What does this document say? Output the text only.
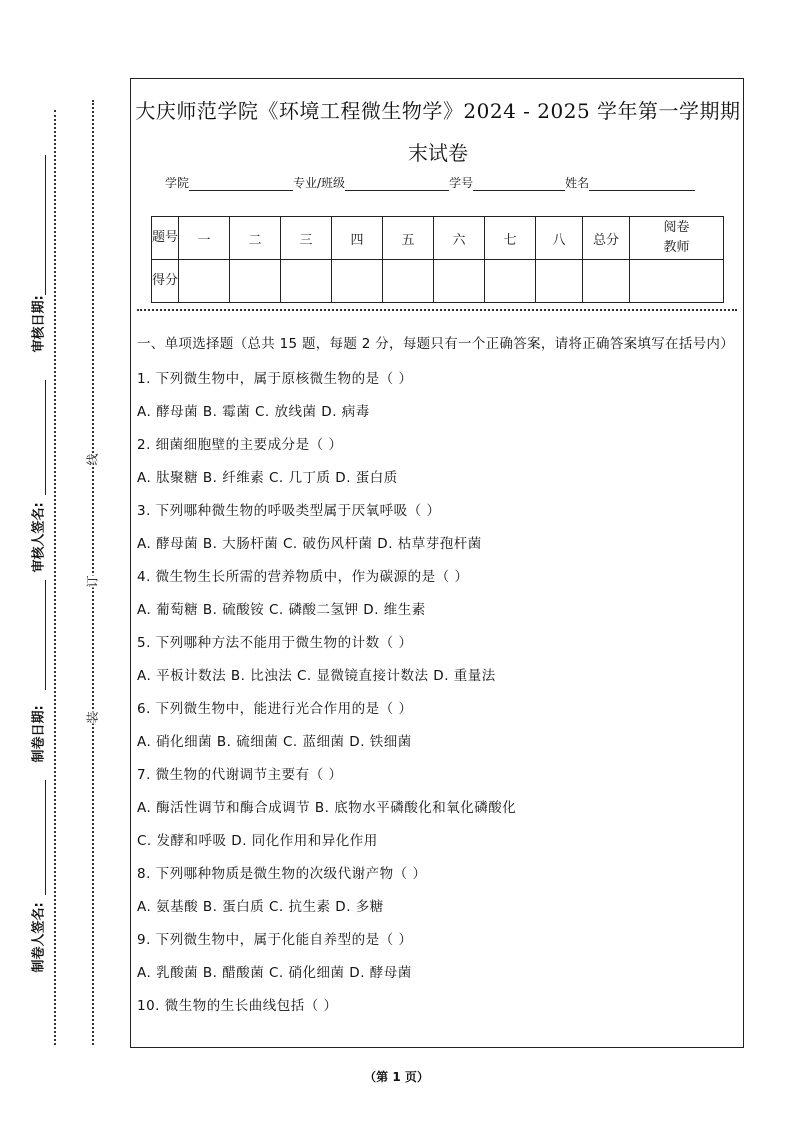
审核日期:
审核人签名:
制卷日期:
制卷人签名:
线
订
装
大庆师范学院《环境工程微生物学》2024 - 2025 学年第一学期期
末试卷
学院	专业/班级	学号	姓名
题号	一	二	三	四	五	六	七	八	总分	阅卷教师
得分										
一、单项选择题（总共 15 题，每题 2 分，每题只有一个正确答案，请将正确答案填写在括号内）
1. 下列微生物中，属于原核微生物的是（ ）
A. 酵母菌 B. 霉菌 C. 放线菌 D. 病毒
2. 细菌细胞壁的主要成分是（ ）
A. 肽聚糖 B. 纤维素 C. 几丁质 D. 蛋白质
3. 下列哪种微生物的呼吸类型属于厌氧呼吸（ ）
A. 酵母菌 B. 大肠杆菌 C. 破伤风杆菌 D. 枯草芽孢杆菌
4. 微生物生长所需的营养物质中，作为碳源的是（ ）
A. 葡萄糖 B. 硫酸铵 C. 磷酸二氢钾 D. 维生素
5. 下列哪种方法不能用于微生物的计数（ ）
A. 平板计数法 B. 比浊法 C. 显微镜直接计数法 D. 重量法
6. 下列微生物中，能进行光合作用的是（ ）
A. 硝化细菌 B. 硫细菌 C. 蓝细菌 D. 铁细菌
7. 微生物的代谢调节主要有（ ）
A. 酶活性调节和酶合成调节 B. 底物水平磷酸化和氧化磷酸化
C. 发酵和呼吸 D. 同化作用和异化作用
8. 下列哪种物质是微生物的次级代谢产物（ ）
A. 氨基酸 B. 蛋白质 C. 抗生素 D. 多糖
9. 下列微生物中，属于化能自养型的是（ ）
A. 乳酸菌 B. 醋酸菌 C. 硝化细菌 D. 酵母菌
10. 微生物的生长曲线包括（ ）
（第 1 页）
